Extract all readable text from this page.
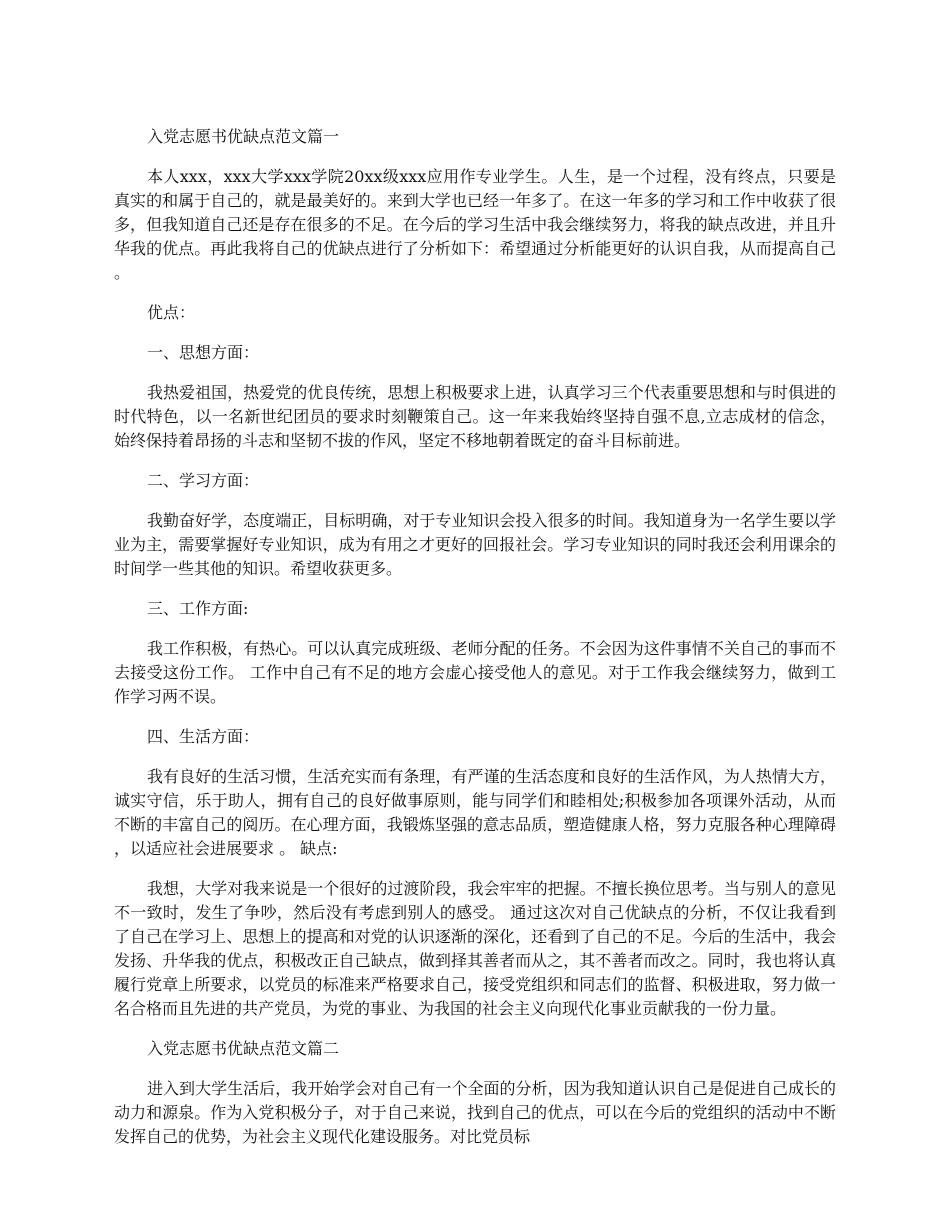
入党志愿书优缺点范文篇一

本人xxx，xxx大学xxx学院20xx级xxx应用作专业学生。人生，是一个过程，没有终点，只要是真实的和属于自己的，就是最美好的。来到大学也已经一年多了。在这一年多的学习和工作中收获了很多，但我知道自己还是存在很多的不足。在今后的学习生活中我会继续努力，将我的缺点改进，并且升华我的优点。再此我将自己的优缺点进行了分析如下：希望通过分析能更好的认识自我，从而提高自己。

优点：

一、思想方面：

我热爱祖国，热爱党的优良传统，思想上积极要求上进，认真学习三个代表重要思想和与时俱进的时代特色，以一名新世纪团员的要求时刻鞭策自己。这一年来我始终坚持自强不息,立志成材的信念，始终保持着昂扬的斗志和坚韧不拔的作风，坚定不移地朝着既定的奋斗目标前进。

二、学习方面：

我勤奋好学，态度端正，目标明确，对于专业知识会投入很多的时间。我知道身为一名学生要以学业为主，需要掌握好专业知识，成为有用之才更好的回报社会。学习专业知识的同时我还会利用课余的时间学一些其他的知识。希望收获更多。

三、工作方面:

我工作积极，有热心。可以认真完成班级、老师分配的任务。不会因为这件事情不关自己的事而不去接受这份工作。 工作中自己有不足的地方会虚心接受他人的意见。对于工作我会继续努力，做到工作学习两不误。

四、生活方面：

我有良好的生活习惯，生活充实而有条理，有严谨的生活态度和良好的生活作风，为人热情大方，诚实守信，乐于助人，拥有自己的良好做事原则，能与同学们和睦相处;积极参加各项课外活动，从而不断的丰富自己的阅历。在心理方面，我锻炼坚强的意志品质，塑造健康人格，努力克服各种心理障碍，以适应社会进展要求 。 缺点:

我想，大学对我来说是一个很好的过渡阶段，我会牢牢的把握。不擅长换位思考。当与别人的意见不一致时，发生了争吵，然后没有考虑到别人的感受。 通过这次对自己优缺点的分析，不仅让我看到了自己在学习上、思想上的提高和对党的认识逐渐的深化，还看到了自己的不足。今后的生活中，我会发扬、升华我的优点，积极改正自己缺点，做到择其善者而从之，其不善者而改之。同时，我也将认真履行党章上所要求，以党员的标准来严格要求自己，接受党组织和同志们的监督、积极进取，努力做一名合格而且先进的共产党员，为党的事业、为我国的社会主义向现代化事业贡献我的一份力量。

入党志愿书优缺点范文篇二

进入到大学生活后，我开始学会对自己有一个全面的分析，因为我知道认识自己是促进自己成长的动力和源泉。作为入党积极分子，对于自己来说，找到自己的优点，可以在今后的党组织的活动中不断发挥自己的优势，为社会主义现代化建设服务。对比党员标
